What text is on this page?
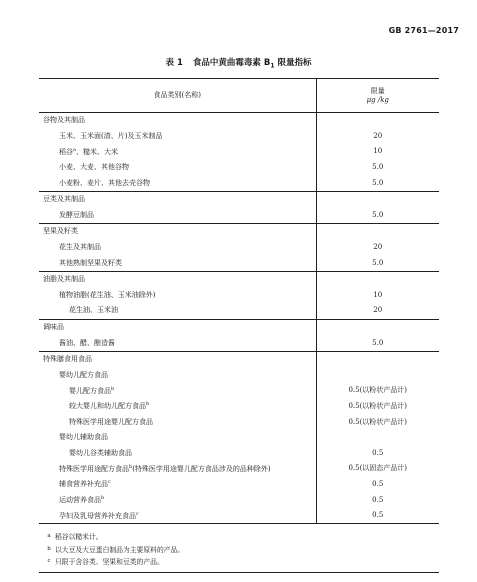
GB 2761—2017
表 1 食品中黄曲霉毒素 $B_1$ 限量指标
食品类别(名称)	限量
μg /kg

谷物及其制品	
玉米、玉米面(渣、片)及玉米制品	20
稻谷$^a$、糙米、大米	10
小麦、大麦、其他谷物	5.0
小麦粉、麦片、其他去壳谷物	5.0
豆类及其制品	
发酵豆制品	5.0
坚果及籽类	
花生及其制品	20
其他熟制坚果及籽类	5.0
油脂及其制品	
植物油脂(花生油、玉米油除外)	10
花生油、玉米油	20
调味品	
酱油、醋、酿造酱	5.0
特殊膳食用食品	
婴幼儿配方食品	
婴儿配方食品$^b$	0.5(以粉状产品计)
较大婴儿和幼儿配方食品$^b$	0.5(以粉状产品计)
特殊医学用途婴儿配方食品	0.5(以粉状产品计)
婴幼儿辅助食品	
婴幼儿谷类辅助食品	0.5
特殊医学用途配方食品$^b$(特殊医学用途婴儿配方食品涉及的品种除外)	0.5(以固态产品计)
辅食营养补充品$^c$	0.5
运动营养食品$^b$	0.5
孕妇及乳母营养补充食品$^c$	0.5

a 稻谷以糙米计。
b 以大豆及大豆蛋白制品为主要原料的产品。
c 只限于含谷类、坚果和豆类的产品。	
